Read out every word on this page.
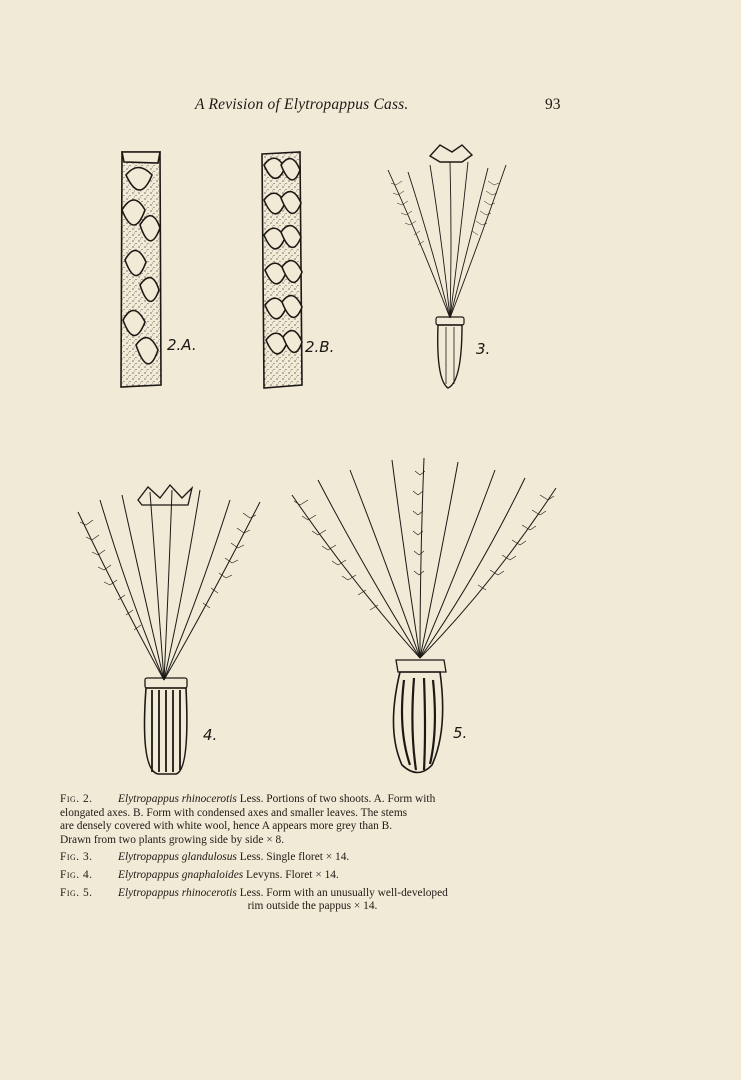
A Revision of Elytropappus Cass.	93
2.A.	2.B.	3.
4.	5.
Fig. 2.	Elytropappus rhinocerotis Less. Portions of two shoots. A. Form with
elongated axes. B. Form with condensed axes and smaller leaves. The stems
are densely covered with white wool, hence A appears more grey than B.
Drawn from two plants growing side by side × 8.
Fig. 3.	Elytropappus glandulosus Less. Single floret × 14.
Fig. 4.	Elytropappus gnaphaloides Levyns. Floret × 14.
Fig. 5.	Elytropappus rhinocerotis Less. Form with an unusually well-developed
rim outside the pappus × 14.
